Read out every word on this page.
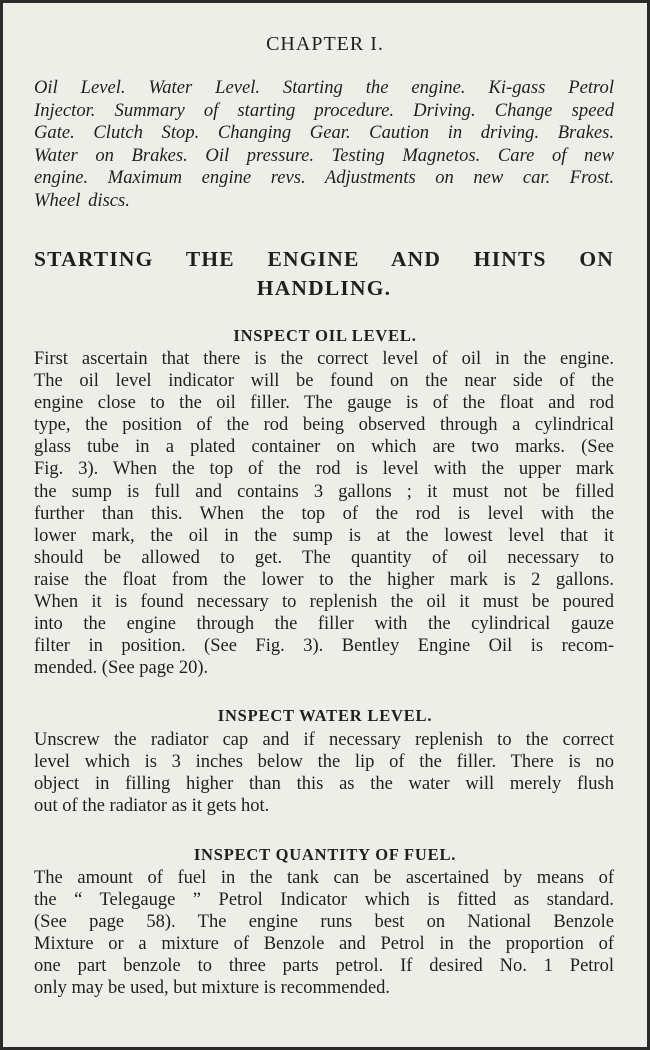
CHAPTER I.
Oil Level. Water Level. Starting the engine. Ki-gass Petrol
Injector. Summary of starting procedure. Driving. Change speed
Gate. Clutch Stop. Changing Gear. Caution in driving. Brakes.
Water on Brakes. Oil pressure. Testing Magnetos. Care of new
engine. Maximum engine revs. Adjustments on new car. Frost.
Wheel discs.
STARTING THE ENGINE AND HINTS ON
HANDLING.
INSPECT OIL LEVEL.
First ascertain that there is the correct level of oil in the engine.
The oil level indicator will be found on the near side of the
engine close to the oil filler. The gauge is of the float and rod
type, the position of the rod being observed through a cylindrical
glass tube in a plated container on which are two marks. (See
Fig. 3). When the top of the rod is level with the upper mark
the sump is full and contains 3 gallons ; it must not be filled
further than this. When the top of the rod is level with the
lower mark, the oil in the sump is at the lowest level that it
should be allowed to get. The quantity of oil necessary to
raise the float from the lower to the higher mark is 2 gallons.
When it is found necessary to replenish the oil it must be poured
into the engine through the filler with the cylindrical gauze
filter in position. (See Fig. 3). Bentley Engine Oil is recom-
mended. (See page 20).
INSPECT WATER LEVEL.
Unscrew the radiator cap and if necessary replenish to the correct
level which is 3 inches below the lip of the filler. There is no
object in filling higher than this as the water will merely flush
out of the radiator as it gets hot.
INSPECT QUANTITY OF FUEL.
The amount of fuel in the tank can be ascertained by means of
the “ Telegauge ” Petrol Indicator which is fitted as standard.
(See page 58). The engine runs best on National Benzole
Mixture or a mixture of Benzole and Petrol in the proportion of
one part benzole to three parts petrol. If desired No. 1 Petrol
only may be used, but mixture is recommended.
